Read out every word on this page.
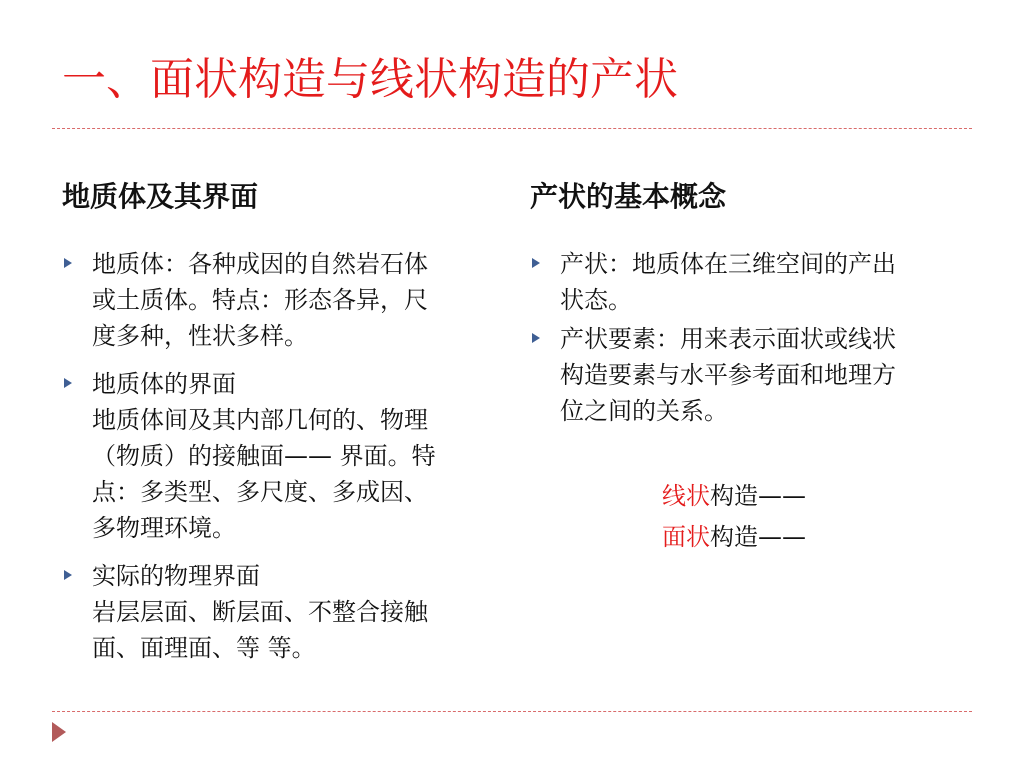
一、面状构造与线状构造的产状
地质体及其界面	产状的基本概念
地质体：各种成因的自然岩石体
或土质体。特点：形态各异，尺
度多种，性状多样。
地质体的界面
地质体间及其内部几何的、物理
（物质）的接触面—— 界面。特
点：多类型、多尺度、多成因、
多物理环境。
实际的物理界面
岩层层面、断层面、不整合接触
面、面理面、等 等。
产状：地质体在三维空间的产出
状态。
产状要素：用来表示面状或线状
构造要素与水平参考面和地理方
位之间的关系。
线状构造——
面状构造——
